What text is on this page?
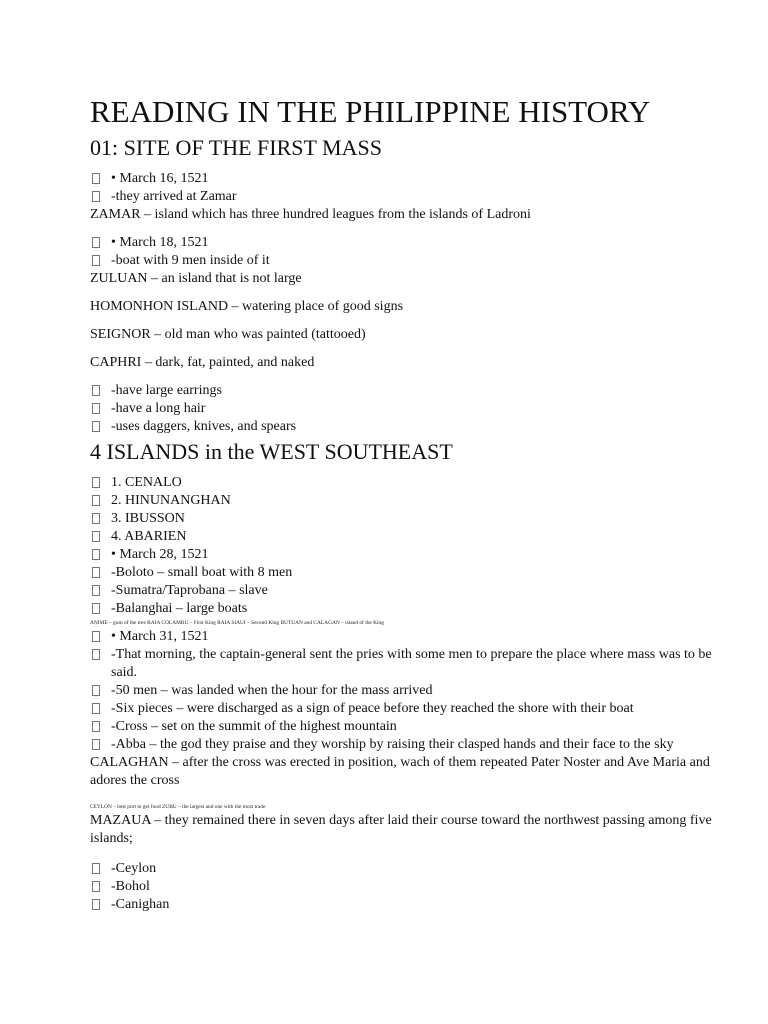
READING IN THE PHILIPPINE HISTORY
01: SITE OF THE FIRST MASS
• March 16, 1521
-they arrived at Zamar
ZAMAR – island which has three hundred leagues from the islands of Ladroni
• March 18, 1521
-boat with 9 men inside of it
ZULUAN – an island that is not large
HOMONHON ISLAND – watering place of good signs
SEIGNOR – old man who was painted (tattooed)
CAPHRI – dark, fat, painted, and naked
-have large earrings
-have a long hair
-uses daggers, knives, and spears
4 ISLANDS in the WEST SOUTHEAST
1. CENALO
2. HINUNANGHAN
3. IBUSSON
4. ABARIEN
• March 28, 1521
-Boloto – small boat with 8 men
-Sumatra/Taprobana – slave
-Balanghai – large boats
ANIME – gum of the tree RAIA COLAMBU – First King RAIA SIAUI – Second King BUTUAN and CALAGAN – island of the King
• March 31, 1521
-That morning, the captain-general sent the pries with some men to prepare the place where mass was to be said.
-50 men – was landed when the hour for the mass arrived
-Six pieces – were discharged as a sign of peace before they reached the shore with their boat
-Cross – set on the summit of the highest mountain
-Abba – the god they praise and they worship by raising their clasped hands and their face to the sky
CALAGHAN – after the cross was erected in position, wach of them repeated Pater Noster and Ave Maria and adores the cross
CEYLON – best port to get food ZUBU – the largest and one with the most trade
MAZAUA – they remained there in seven days after laid their course toward the northwest passing among five islands;
-Ceylon
-Bohol
-Canighan
